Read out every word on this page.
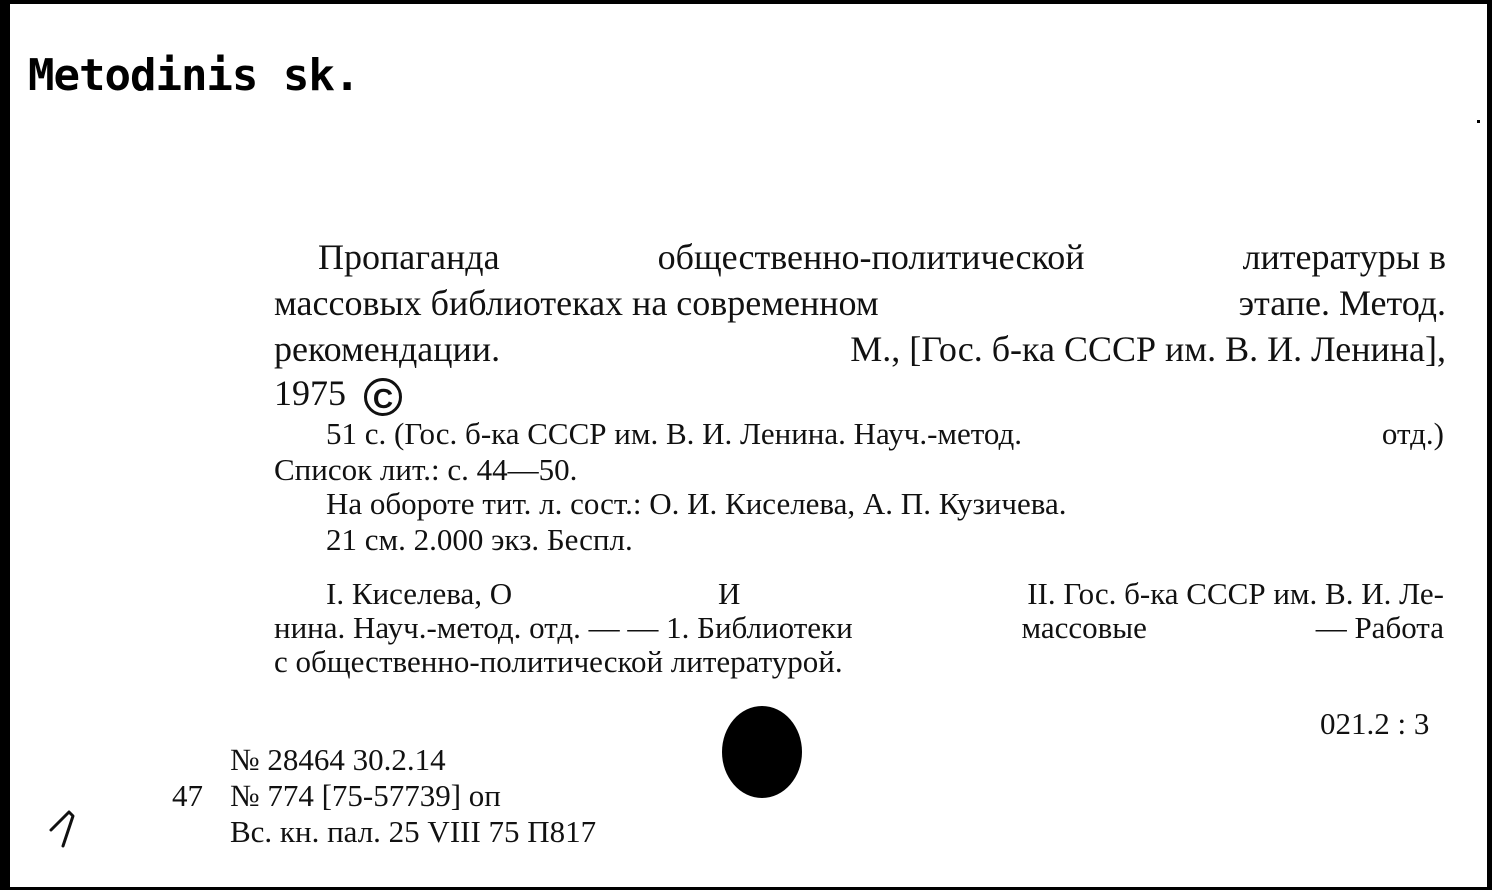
Metodinis sk.
Пропаганда	общественно-политической	литературы в
массовых библиотеках на современном	этапе. Метод.
рекомендации.	М., [Гос. б-ка СССР им. В. И. Ленина],
1975 C
51 с. (Гос. б-ка СССР им. В. И. Ленина. Науч.-метод.	отд.)
Список лит.: с. 44—50.
На обороте тит. л. сост.: О. И. Киселева, А. П. Кузичева.
21 см. 2.000 экз. Беспл.
I. Киселева, О	И	II. Гос. б-ка СССР им. В. И. Ле-
нина. Науч.-метод. отд. — — 1. Библиотеки	массовые	— Работа
с общественно-политической литературой.
021.2 : 3
№ 28464 30.2.14
47 № 774 [75-57739] оп
Вс. кн. пал. 25 VIII 75 П817
